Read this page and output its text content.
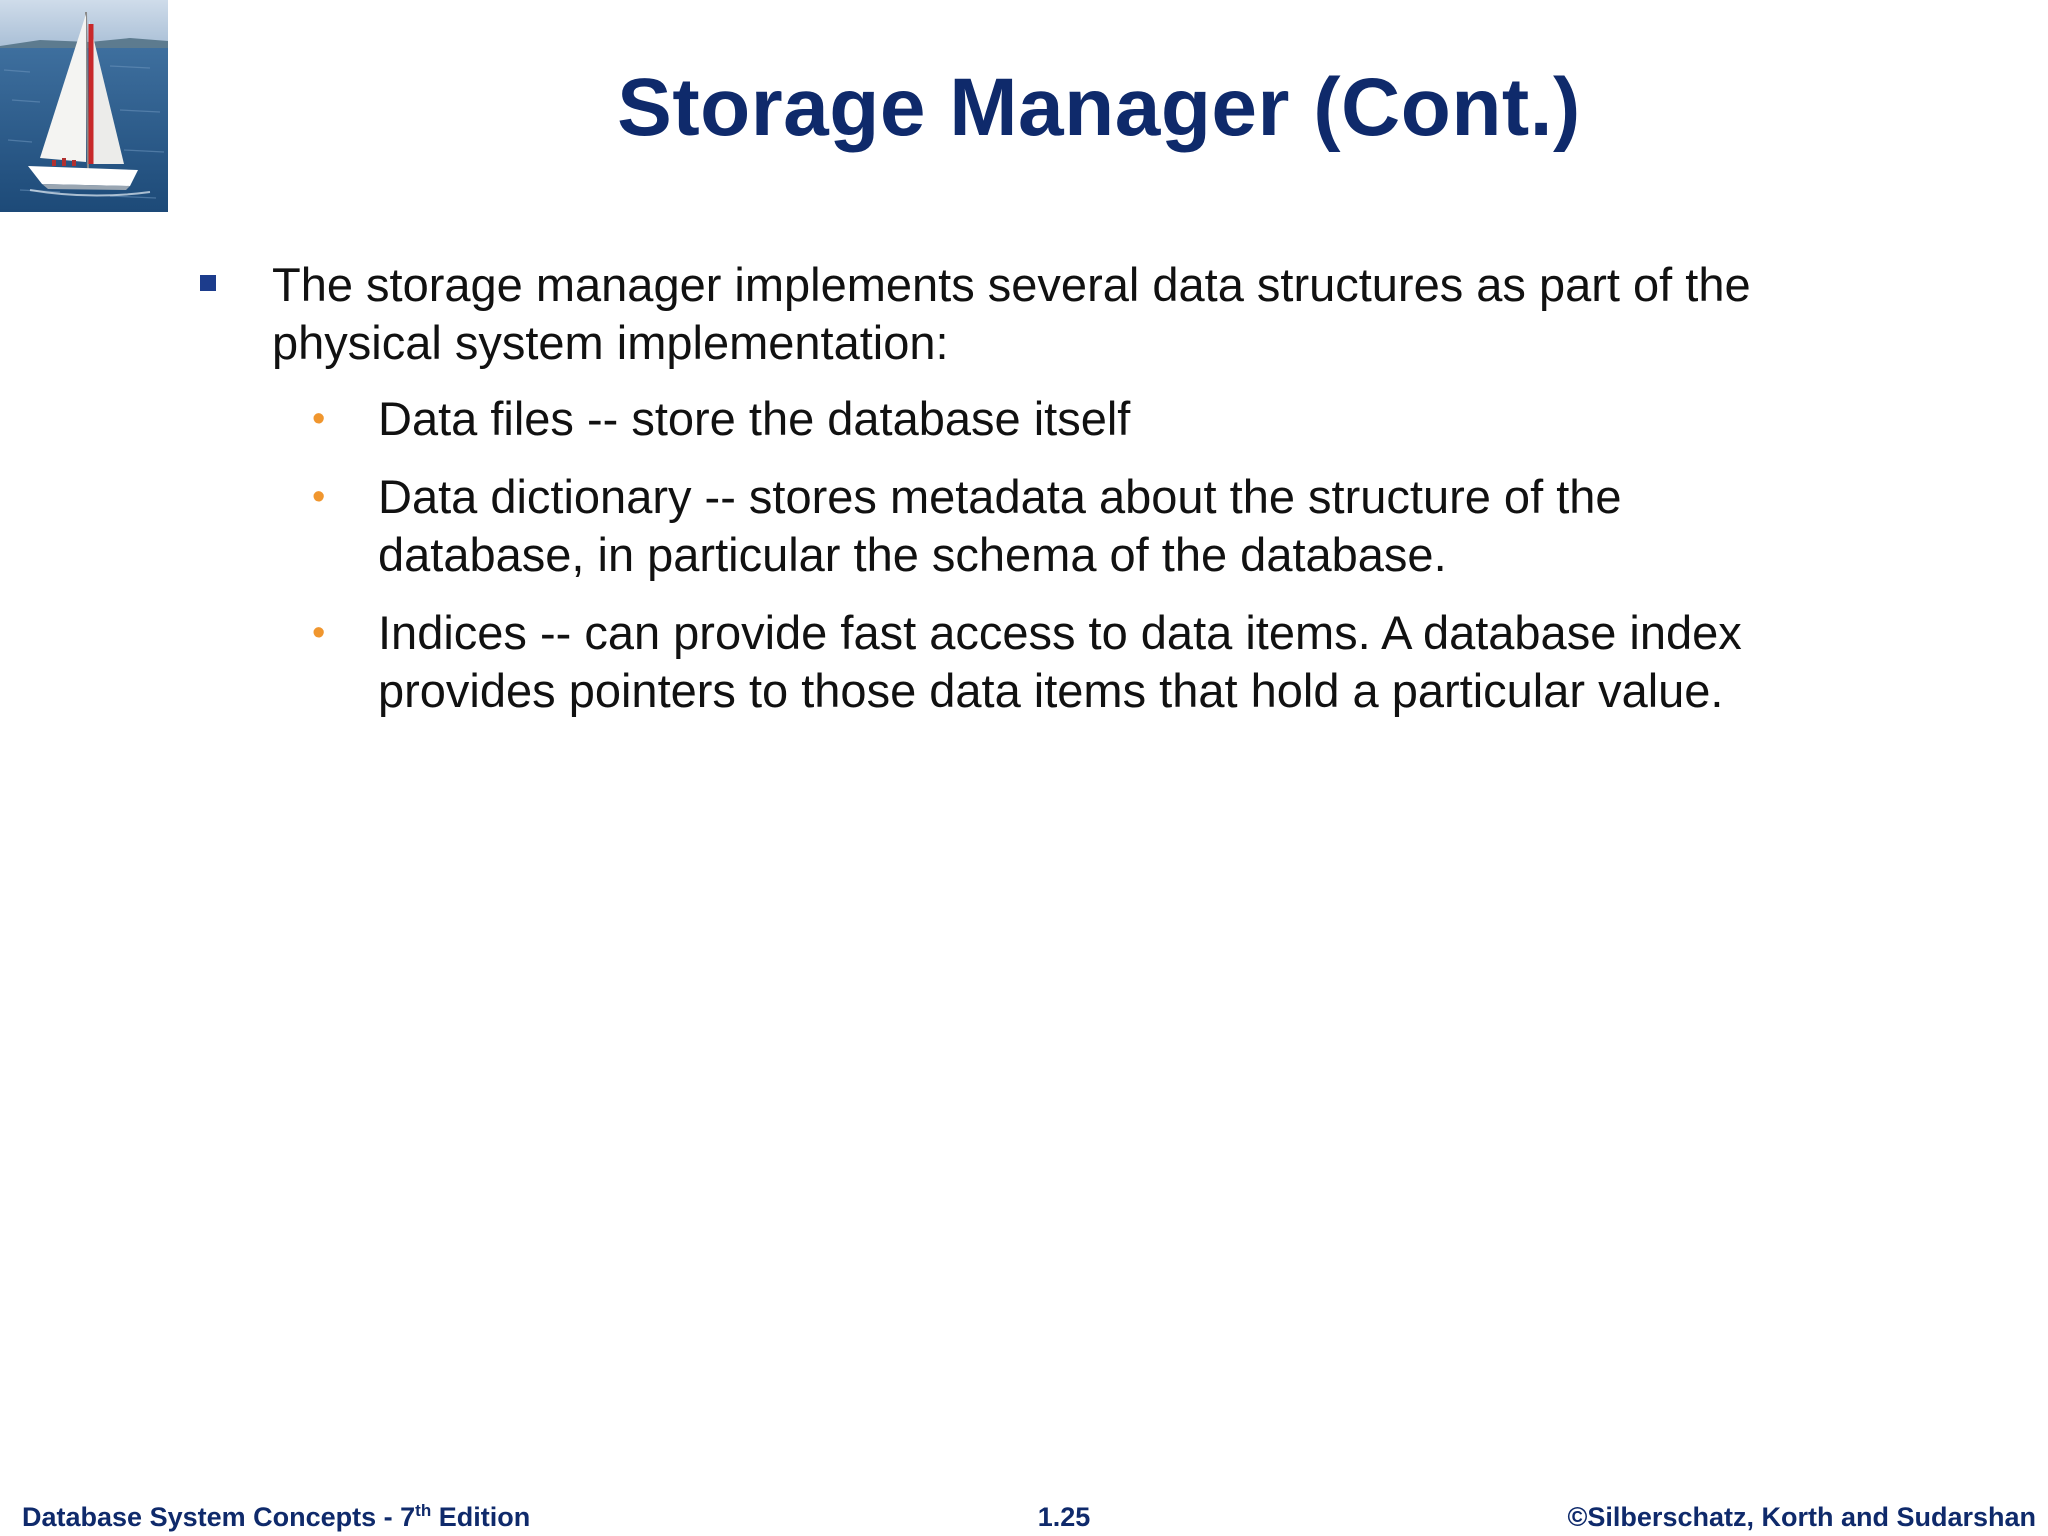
Storage Manager (Cont.)
The storage manager implements several data structures as part of the physical system implementation:
• Data files -- store the database itself
• Data dictionary -- stores metadata about the structure of the database, in particular the schema of the database.
• Indices -- can provide fast access to data items. A database index provides pointers to those data items that hold a particular value.
Database System Concepts - 7th Edition	1.25	©Silberschatz, Korth and Sudarshan
